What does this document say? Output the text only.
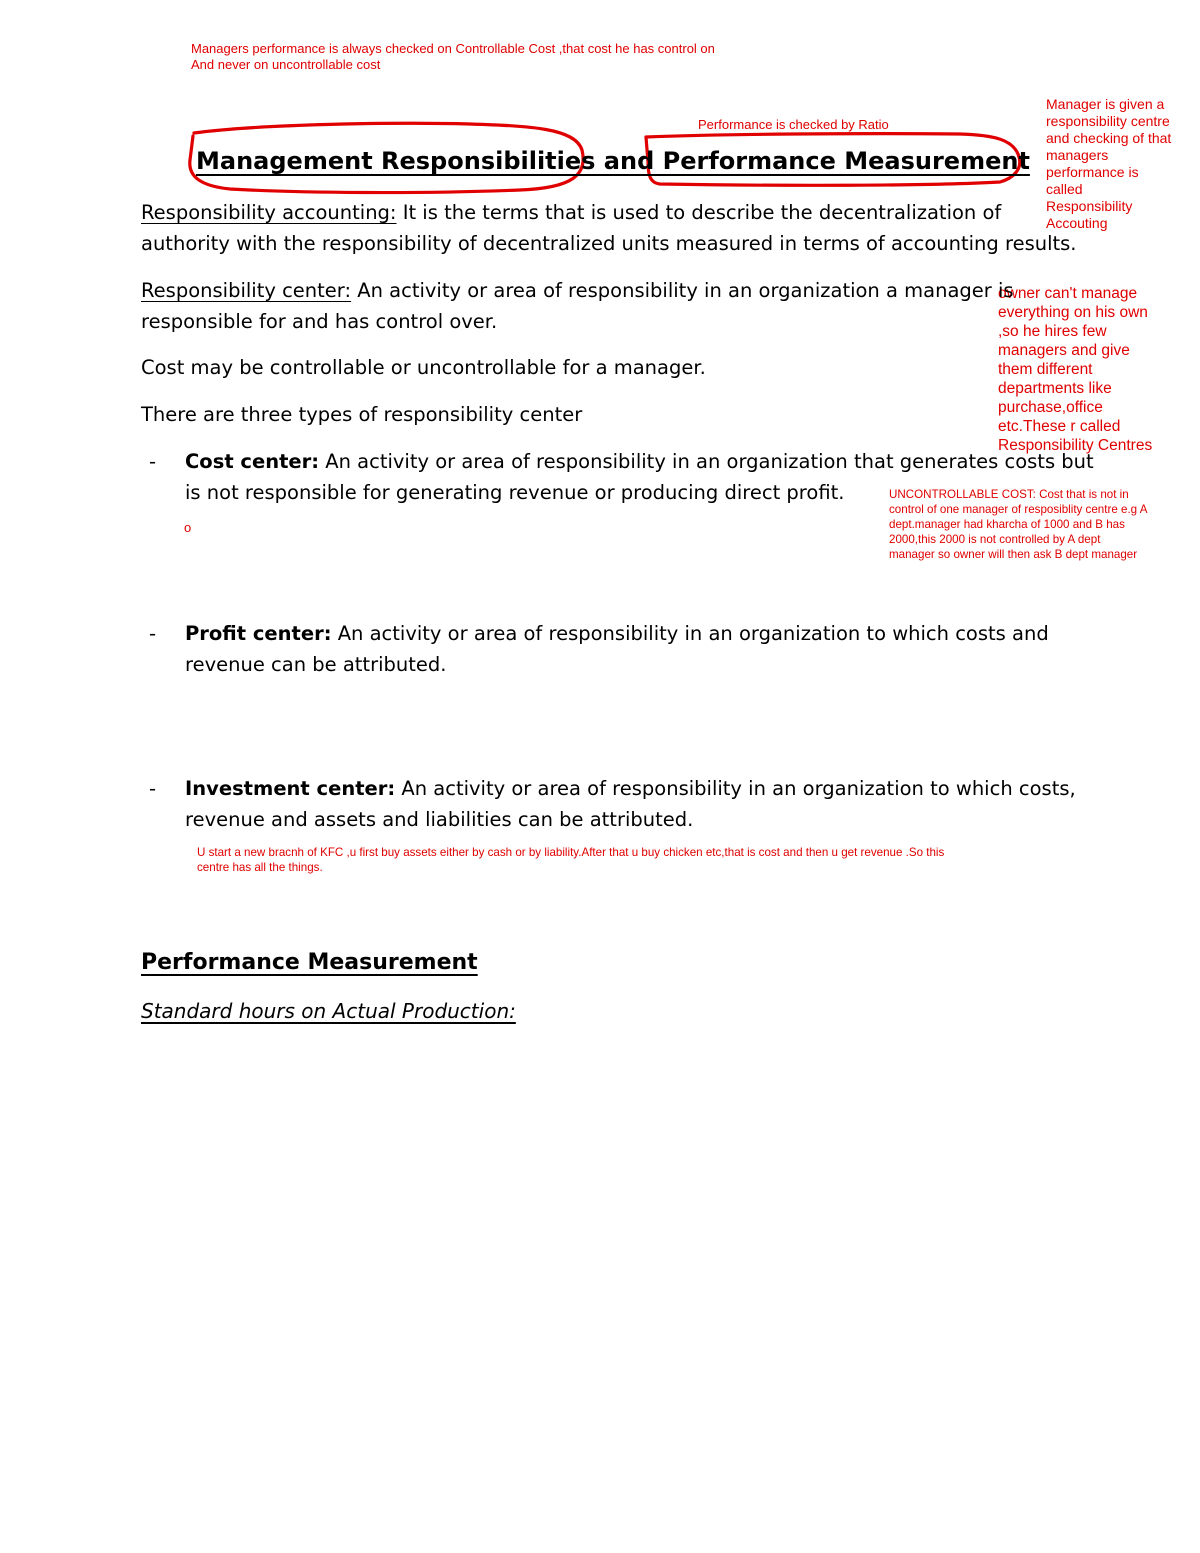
Managers performance is always checked on Controllable Cost ,that cost he has control on
And never on uncontrollable cost
Performance is checked by Ratio
Manager is given a
responsibility centre
and checking of that
managers
performance is
called
Responsibility
Accouting
owner can't manage
everything on his own
,so he hires few
managers and give
them different
departments like
purchase,office
etc.These r called
Responsibility Centres
UNCONTROLLABLE COST: Cost that is not in
control of one manager of resposiblity centre e.g A
dept.manager had kharcha of 1000 and B has
2000,this 2000 is not controlled by A dept
manager so owner will then ask B dept manager
o
U start a new bracnh of KFC ,u first buy assets either by cash or by liability.After that u buy chicken etc,that is cost and then u get revenue .So this
centre has all the things.
Management Responsibilities and Performance Measurement
Responsibility accounting: It is the terms that is used to describe the decentralization of
authority with the responsibility of decentralized units measured in terms of accounting results.
Responsibility center: An activity or area of responsibility in an organization a manager is
responsible for and has control over.
Cost may be controllable or uncontrollable for a manager.
There are three types of responsibility center
- Cost center: An activity or area of responsibility in an organization that generates costs but
is not responsible for generating revenue or producing direct profit.
- Profit center: An activity or area of responsibility in an organization to which costs and
revenue can be attributed.
- Investment center: An activity or area of responsibility in an organization to which costs,
revenue and assets and liabilities can be attributed.
Performance Measurement
Standard hours on Actual Production:
